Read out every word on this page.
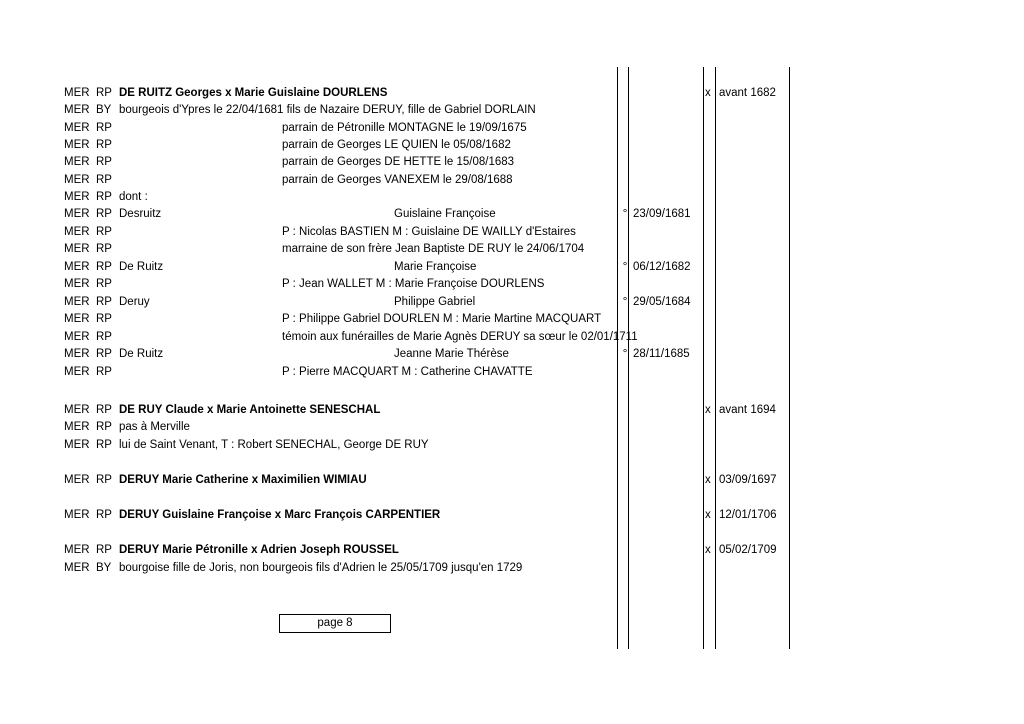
MER RP DE RUITZ Georges x Marie Guislaine DOURLENS	x avant 1682
MER BY bourgeois d'Ypres le 22/04/1681 fils de Nazaire DERUY, fille de Gabriel DORLAIN
MER RP	parrain de Pétronille MONTAGNE le 19/09/1675
MER RP	parrain de Georges LE QUIEN le 05/08/1682
MER RP	parrain de Georges DE HETTE le 15/08/1683
MER RP	parrain de Georges VANEXEM le 29/08/1688
MER RP dont :
MER RP Desruitz	Guislaine Françoise	° 23/09/1681
MER RP	P : Nicolas BASTIEN M : Guislaine DE WAILLY d'Estaires
MER RP	marraine de son frère Jean Baptiste DE RUY le 24/06/1704
MER RP De Ruitz	Marie Françoise	° 06/12/1682
MER RP	P : Jean WALLET M : Marie Françoise DOURLENS
MER RP Deruy	Philippe Gabriel	° 29/05/1684
MER RP	P : Philippe Gabriel DOURLEN M : Marie Martine MACQUART
MER RP	témoin aux funérailles de Marie Agnès DERUY sa sœur le 02/01/1711
MER RP De Ruitz	Jeanne Marie Thérèse	° 28/11/1685
MER RP	P : Pierre MACQUART M : Catherine CHAVATTE
MER RP DE RUY Claude x Marie Antoinette SENESCHAL	x avant 1694
MER RP pas à Merville
MER RP lui de Saint Venant, T : Robert SENECHAL, George DE RUY
MER RP DERUY Marie Catherine x Maximilien WIMIAU	x 03/09/1697
MER RP DERUY Guislaine Françoise x Marc François CARPENTIER	x 12/01/1706
MER RP DERUY Marie Pétronille x Adrien Joseph ROUSSEL	x 05/02/1709
MER BY bourgoise fille de Joris, non bourgeois fils d'Adrien le 25/05/1709 jusqu'en 1729
page 8
